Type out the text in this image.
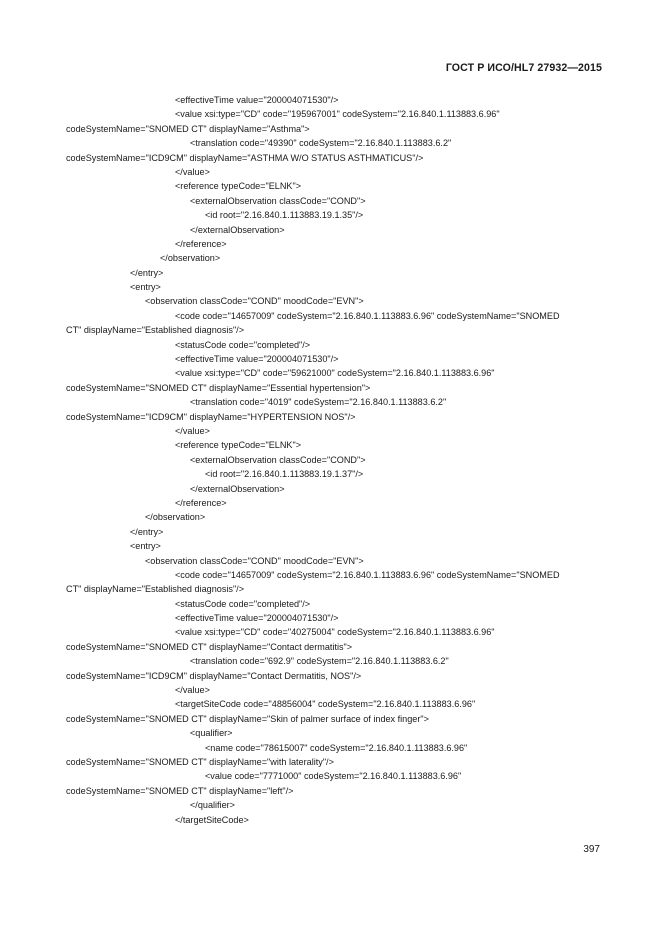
ГОСТ Р ИСО/HL7 27932—2015
<effectiveTime value="200004071530"/>
<value xsi:type="CD" code="195967001" codeSystem="2.16.840.1.113883.6.96"
codeSystemName="SNOMED CT" displayName="Asthma">
<translation code="49390" codeSystem="2.16.840.1.113883.6.2"
codeSystemName="ICD9CM" displayName="ASTHMA W/O STATUS ASTHMATICUS"/>
</value>
<reference typeCode="ELNK">
<externalObservation classCode="COND">
<id root="2.16.840.1.113883.19.1.35"/>
</externalObservation>
</reference>
</observation>
</entry>
<entry>
<observation classCode="COND" moodCode="EVN">
<code code="14657009" codeSystem="2.16.840.1.113883.6.96" codeSystemName="SNOMED
CT" displayName="Established diagnosis"/>
<statusCode code="completed"/>
<effectiveTime value="200004071530"/>
<value xsi:type="CD" code="59621000" codeSystem="2.16.840.1.113883.6.96"
codeSystemName="SNOMED CT" displayName="Essential hypertension">
<translation code="4019" codeSystem="2.16.840.1.113883.6.2"
codeSystemName="ICD9CM" displayName="HYPERTENSION NOS"/>
</value>
<reference typeCode="ELNK">
<externalObservation classCode="COND">
<id root="2.16.840.1.113883.19.1.37"/>
</externalObservation>
</reference>
</observation>
</entry>
<entry>
<observation classCode="COND" moodCode="EVN">
<code code="14657009" codeSystem="2.16.840.1.113883.6.96" codeSystemName="SNOMED
CT" displayName="Established diagnosis"/>
<statusCode code="completed"/>
<effectiveTime value="200004071530"/>
<value xsi:type="CD" code="40275004" codeSystem="2.16.840.1.113883.6.96"
codeSystemName="SNOMED CT" displayName="Contact dermatitis">
<translation code="692.9" codeSystem="2.16.840.1.113883.6.2"
codeSystemName="ICD9CM" displayName="Contact Dermatitis, NOS"/>
</value>
<targetSiteCode code="48856004" codeSystem="2.16.840.1.113883.6.96"
codeSystemName="SNOMED CT" displayName="Skin of palmer surface of index finger">
<qualifier>
<name code="78615007" codeSystem="2.16.840.1.113883.6.96"
codeSystemName="SNOMED CT" displayName="with laterality"/>
<value code="7771000" codeSystem="2.16.840.1.113883.6.96"
codeSystemName="SNOMED CT" displayName="left"/>
</qualifier>
</targetSiteCode>
397
